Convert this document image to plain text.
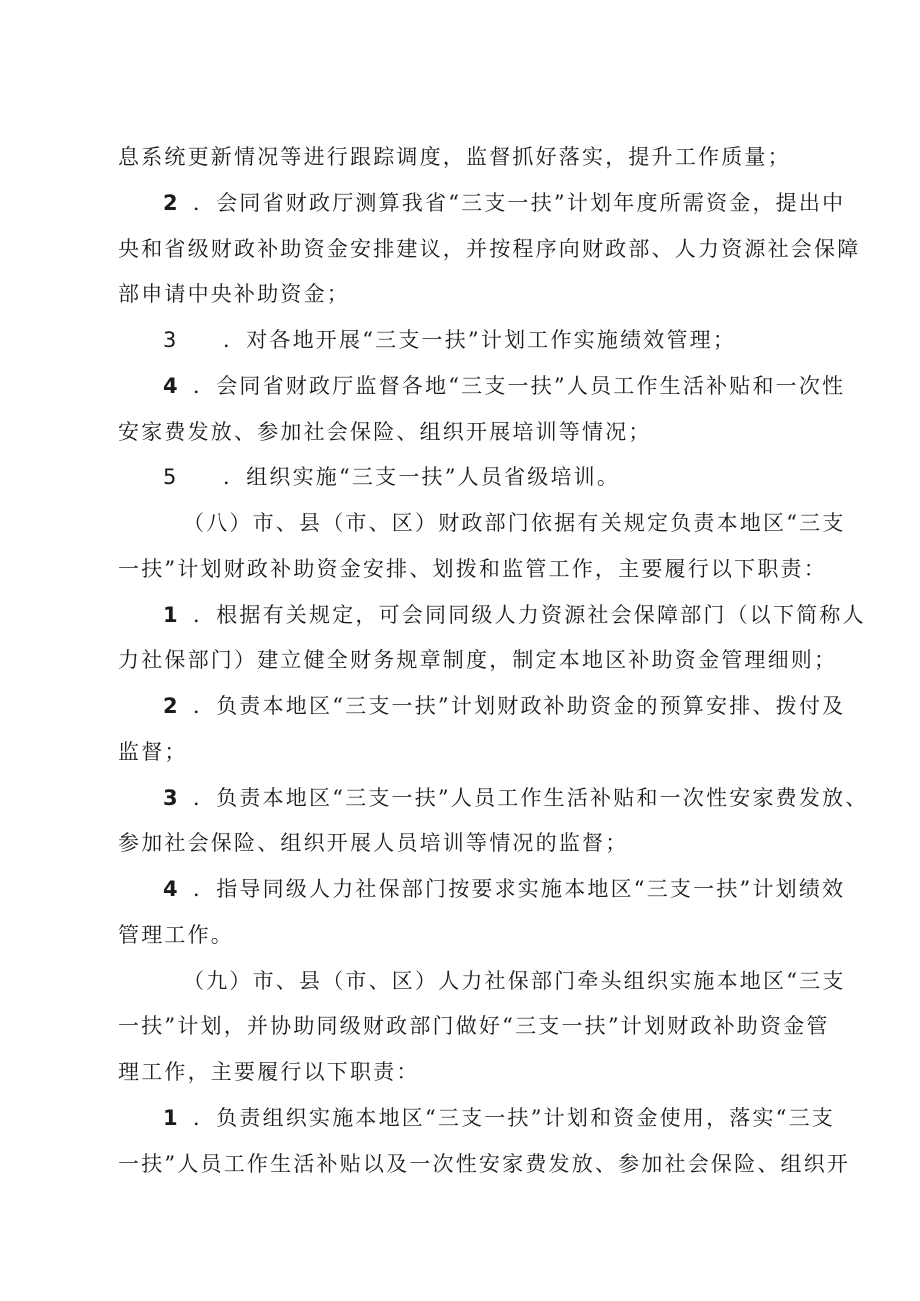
息系统更新情况等进行跟踪调度，监督抓好落实，提升工作质量；
2 ．会同省财政厅测算我省“三支一扶”计划年度所需资金，提出中
央和省级财政补助资金安排建议，并按程序向财政部、人力资源社会保障
部申请中央补助资金；
3 ．对各地开展“三支一扶”计划工作实施绩效管理；
4 ．会同省财政厅监督各地“三支一扶”人员工作生活补贴和一次性
安家费发放、参加社会保险、组织开展培训等情况；
5 ．组织实施“三支一扶”人员省级培训。
（八）市、县（市、区）财政部门依据有关规定负责本地区“三支
一扶”计划财政补助资金安排、划拨和监管工作，主要履行以下职责：
1 ．根据有关规定，可会同同级人力资源社会保障部门（以下简称人
力社保部门）建立健全财务规章制度，制定本地区补助资金管理细则；
2 ．负责本地区“三支一扶”计划财政补助资金的预算安排、拨付及
监督；
3 ．负责本地区“三支一扶”人员工作生活补贴和一次性安家费发放、
参加社会保险、组织开展人员培训等情况的监督；
4 ．指导同级人力社保部门按要求实施本地区“三支一扶”计划绩效
管理工作。
（九）市、县（市、区）人力社保部门牵头组织实施本地区“三支
一扶”计划，并协助同级财政部门做好“三支一扶”计划财政补助资金管
理工作，主要履行以下职责：
1 ．负责组织实施本地区“三支一扶”计划和资金使用，落实“三支
一扶”人员工作生活补贴以及一次性安家费发放、参加社会保险、组织开
